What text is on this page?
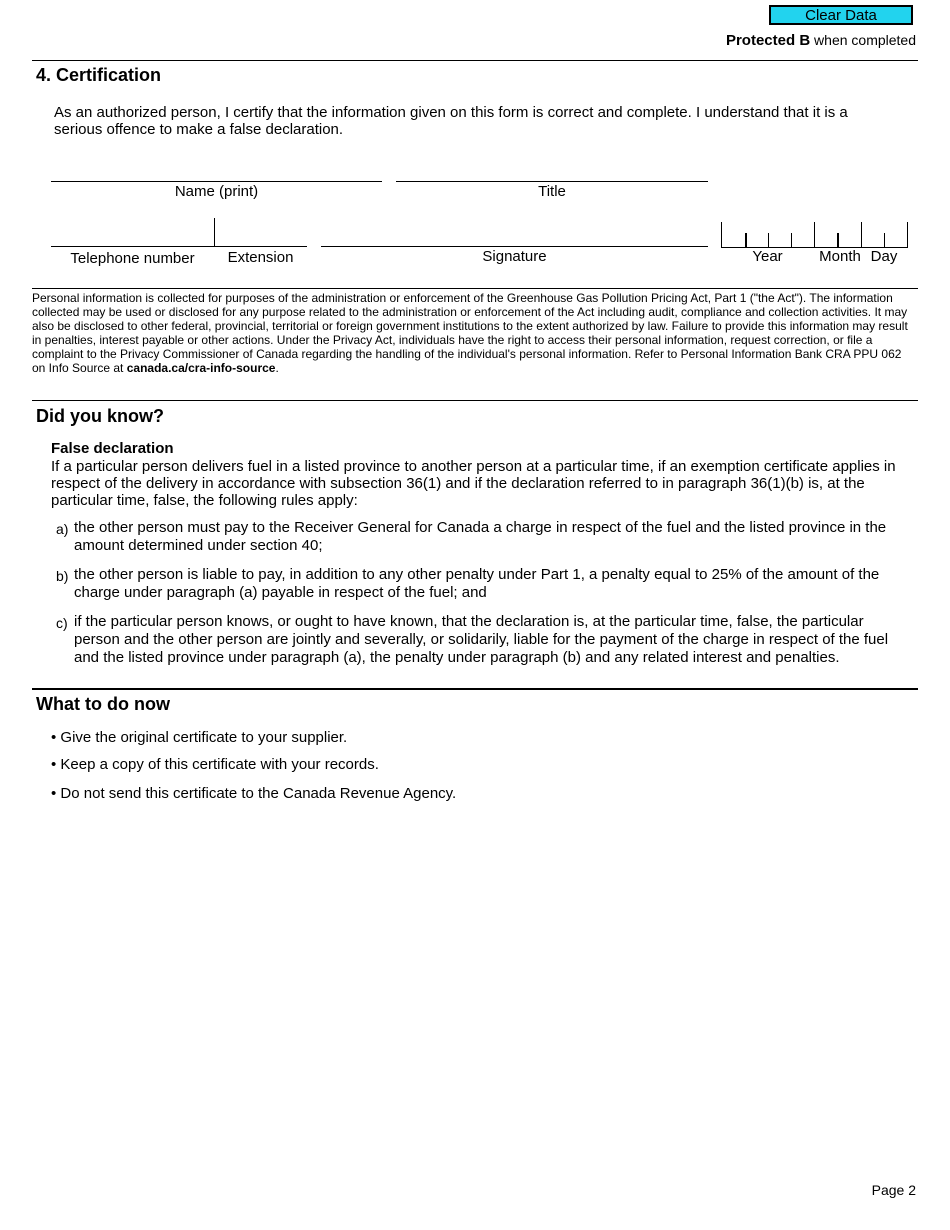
Clear Data
Protected B when completed
4. Certification
As an authorized person, I certify that the information given on this form is correct and complete. I understand that it is a serious offence to make a false declaration.
Name (print)	Title
Telephone number	Extension	Signature	Year	Month Day
Personal information is collected for purposes of the administration or enforcement of the Greenhouse Gas Pollution Pricing Act, Part 1 ("the Act"). The information collected may be used or disclosed for any purpose related to the administration or enforcement of the Act including audit, compliance and collection activities. It may also be disclosed to other federal, provincial, territorial or foreign government institutions to the extent authorized by law. Failure to provide this information may result in penalties, interest payable or other actions. Under the Privacy Act, individuals have the right to access their personal information, request correction, or file a complaint to the Privacy Commissioner of Canada regarding the handling of the individual's personal information. Refer to Personal Information Bank CRA PPU 062 on Info Source at canada.ca/cra-info-source.
Did you know?
False declaration
If a particular person delivers fuel in a listed province to another person at a particular time, if an exemption certificate applies in respect of the delivery in accordance with subsection 36(1) and if the declaration referred to in paragraph 36(1)(b) is, at the particular time, false, the following rules apply:
a) the other person must pay to the Receiver General for Canada a charge in respect of the fuel and the listed province in the amount determined under section 40;
b) the other person is liable to pay, in addition to any other penalty under Part 1, a penalty equal to 25% of the amount of the charge under paragraph (a) payable in respect of the fuel; and
c) if the particular person knows, or ought to have known, that the declaration is, at the particular time, false, the particular person and the other person are jointly and severally, or solidarily, liable for the payment of the charge in respect of the fuel and the listed province under paragraph (a), the penalty under paragraph (b) and any related interest and penalties.
What to do now
• Give the original certificate to your supplier.
• Keep a copy of this certificate with your records.
• Do not send this certificate to the Canada Revenue Agency.
Page 2
